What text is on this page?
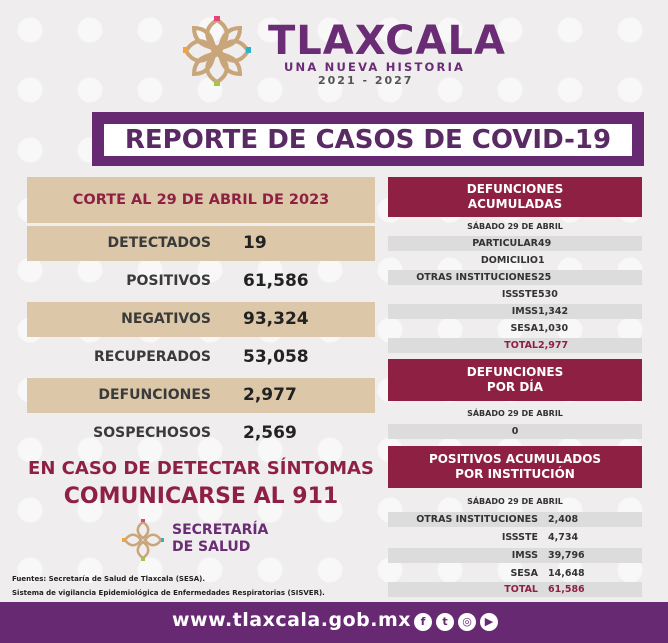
TLAXCALA
UNA NUEVA HISTORIA
2021 - 2027
REPORTE DE CASOS DE COVID-19
CORTE AL 29 DE ABRIL DE 2023
DETECTADOS 19
POSITIVOS 61,586
NEGATIVOS 93,324
RECUPERADOS 53,058
DEFUNCIONES 2,977
SOSPECHOSOS 2,569
EN CASO DE DETECTAR SÍNTOMAS
COMUNICARSE AL 911
SECRETARÍA
DE SALUD
Fuentes: Secretaría de Salud de Tlaxcala (SESA).
Sistema de vigilancia Epidemiológica de Enfermedades Respiratorias (SISVER).
DEFUNCIONES
ACUMULADAS
SÁBADO 29 DE ABRIL
PARTICULAR 49
DOMICILIO 1
OTRAS INSTITUCIONES 25
ISSSTE 530
IMSS 1,342
SESA 1,030
TOTAL 2,977
DEFUNCIONES
POR DÍA
SÁBADO 29 DE ABRIL
0
POSITIVOS ACUMULADOS
POR INSTITUCIÓN
SÁBADO 29 DE ABRIL
OTRAS INSTITUCIONES 2,408
ISSSTE 4,734
IMSS 39,796
SESA 14,648
TOTAL 61,586
www.tlaxcala.gob.mx f	t	◎	▶
